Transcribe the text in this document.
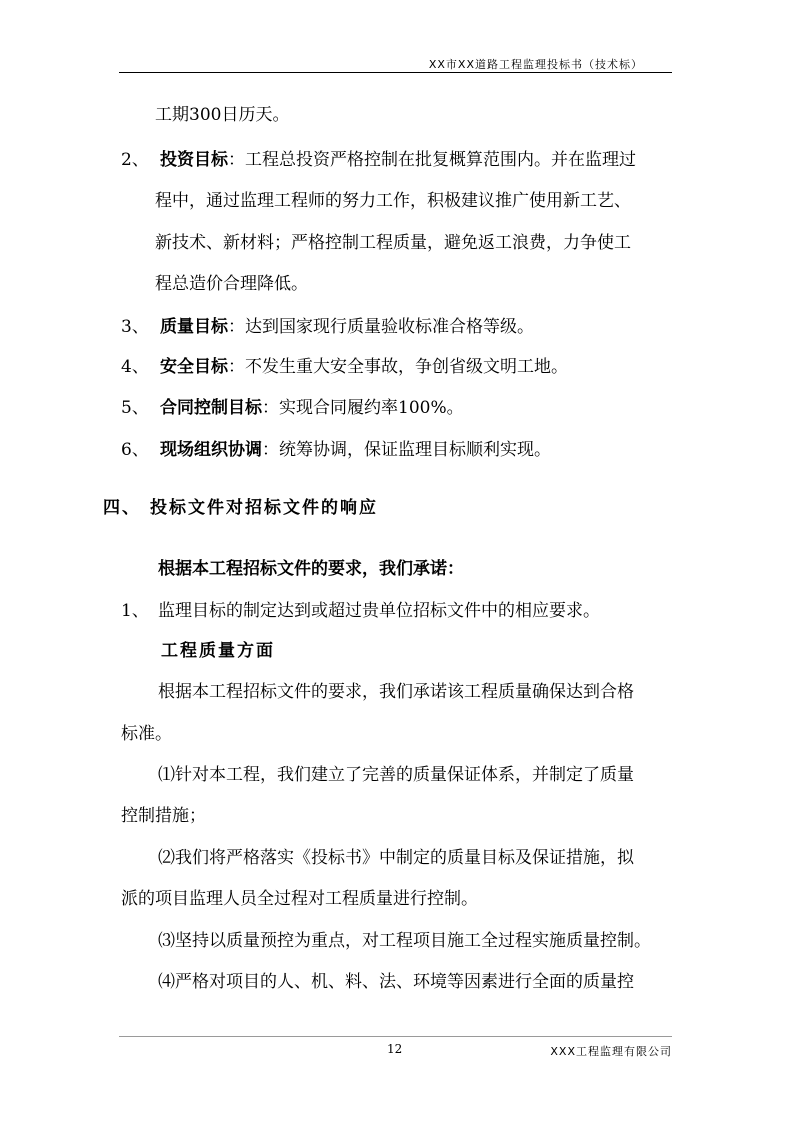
XX市XX道路工程监理投标书（技术标）
工期300日历天。
2、 投资目标：工程总投资严格控制在批复概算范围内。并在监理过
程中，通过监理工程师的努力工作，积极建议推广使用新工艺、
新技术、新材料；严格控制工程质量，避免返工浪费，力争使工
程总造价合理降低。
3、 质量目标：达到国家现行质量验收标准合格等级。
4、 安全目标：不发生重大安全事故，争创省级文明工地。
5、 合同控制目标：实现合同履约率100%。
6、 现场组织协调：统筹协调，保证监理目标顺利实现。
四、 投标文件对招标文件的响应
根据本工程招标文件的要求，我们承诺：
1、 监理目标的制定达到或超过贵单位招标文件中的相应要求。
工程质量方面
根据本工程招标文件的要求，我们承诺该工程质量确保达到合格
标准。
⑴针对本工程，我们建立了完善的质量保证体系，并制定了质量
控制措施；
⑵我们将严格落实《投标书》中制定的质量目标及保证措施，拟
派的项目监理人员全过程对工程质量进行控制。
⑶坚持以质量预控为重点，对工程项目施工全过程实施质量控制。
⑷严格对项目的人、机、料、法、环境等因素进行全面的质量控
12	XXX工程监理有限公司
